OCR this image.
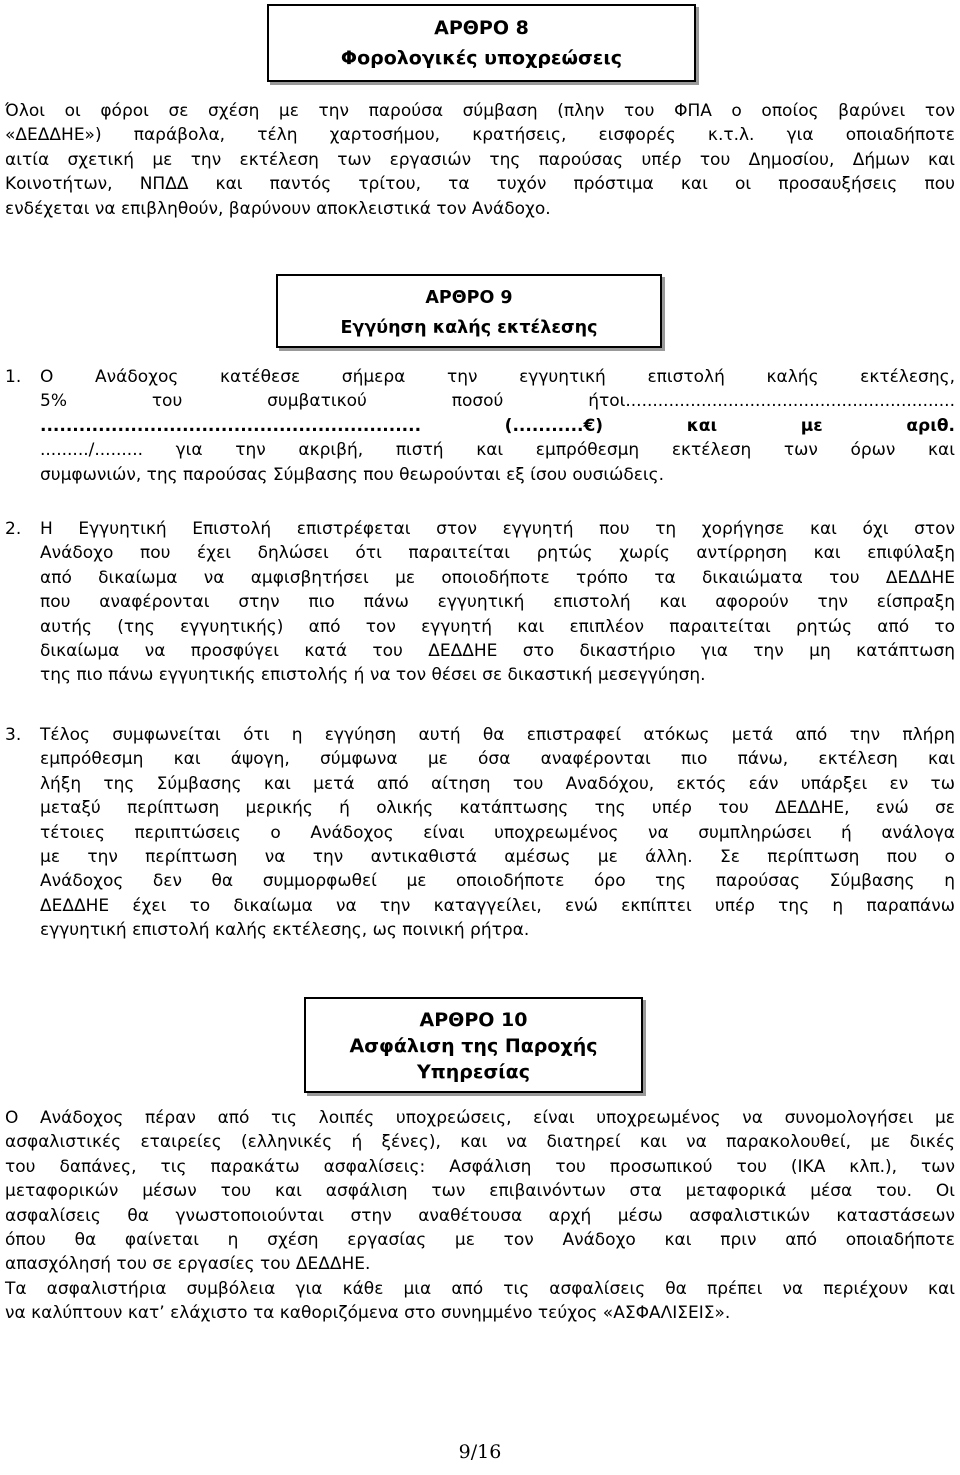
ΑΡΘΡΟ 8
Φορολογικές υποχρεώσεις
Όλοι οι φόροι σε σχέση με την παρούσα σύμβαση (πλην του ΦΠΑ ο οποίος βαρύνει τον
«ΔΕΔΔΗΕ») παράβολα, τέλη χαρτοσήμου, κρατήσεις, εισφορές κ.τ.λ. για οποιαδήποτε
αιτία σχετική με την εκτέλεση των εργασιών της παρούσας υπέρ του Δημοσίου, Δήμων και
Κοινοτήτων, ΝΠΔΔ και παντός τρίτου, τα τυχόν πρόστιμα και οι προσαυξήσεις που
ενδέχεται να επιβληθούν, βαρύνουν αποκλειστικά τον Ανάδοχο.
ΑΡΘΡΟ 9
Εγγύηση καλής εκτέλεσης
1. Ο Ανάδοχος κατέθεσε σήμερα την εγγυητική επιστολή καλής εκτέλεσης,
5% του συμβατικού ποσού ήτοι.............................................................
........................................................... (...........€) και με αριθ.
........./......... για την ακριβή, πιστή και εμπρόθεσμη εκτέλεση των όρων και
συμφωνιών, της παρούσας Σύμβασης που θεωρούνται εξ ίσου ουσιώδεις.
2. Η Εγγυητική Επιστολή επιστρέφεται στον εγγυητή που τη χορήγησε και όχι στον
Ανάδοχο που έχει δηλώσει ότι παραιτείται ρητώς χωρίς αντίρρηση και επιφύλαξη
από δικαίωμα να αμφισβητήσει με οποιοδήποτε τρόπο τα δικαιώματα του ΔΕΔΔΗΕ
που αναφέρονται στην πιο πάνω εγγυητική επιστολή και αφορούν την είσπραξη
αυτής (της εγγυητικής) από τον εγγυητή και επιπλέον παραιτείται ρητώς από το
δικαίωμα να προσφύγει κατά του ΔΕΔΔΗΕ στο δικαστήριο για την μη κατάπτωση
της πιο πάνω εγγυητικής επιστολής ή να τον θέσει σε δικαστική μεσεγγύηση.
3. Τέλος συμφωνείται ότι η εγγύηση αυτή θα επιστραφεί ατόκως μετά από την πλήρη
εμπρόθεσμη και άψογη, σύμφωνα με όσα αναφέρονται πιο πάνω, εκτέλεση και
λήξη της Σύμβασης και μετά από αίτηση του Αναδόχου, εκτός εάν υπάρξει εν τω
μεταξύ περίπτωση μερικής ή ολικής κατάπτωσης της υπέρ του ΔΕΔΔΗΕ, ενώ σε
τέτοιες περιπτώσεις ο Ανάδοχος είναι υποχρεωμένος να συμπληρώσει ή ανάλογα
με την περίπτωση να την αντικαθιστά αμέσως με άλλη. Σε περίπτωση που ο
Ανάδοχος δεν θα συμμορφωθεί με οποιοδήποτε όρο της παρούσας Σύμβασης η
ΔΕΔΔΗΕ έχει το δικαίωμα να την καταγγείλει, ενώ εκπίπτει υπέρ της η παραπάνω
εγγυητική επιστολή καλής εκτέλεσης, ως ποινική ρήτρα.
ΑΡΘΡΟ 10
Ασφάλιση της Παροχής
Υπηρεσίας
Ο Ανάδοχος πέραν από τις λοιπές υποχρεώσεις, είναι υποχρεωμένος να συνομολογήσει με
ασφαλιστικές εταιρείες (ελληνικές ή ξένες), και να διατηρεί και να παρακολουθεί, με δικές
του δαπάνες, τις παρακάτω ασφαλίσεις: Ασφάλιση του προσωπικού του (ΙΚΑ κλπ.), των
μεταφορικών μέσων του και ασφάλιση των επιβαινόντων στα μεταφορικά μέσα του. Οι
ασφαλίσεις θα γνωστοποιούνται στην αναθέτουσα αρχή μέσω ασφαλιστικών καταστάσεων
όπου θα φαίνεται η σχέση εργασίας με τον Ανάδοχο και πριν από οποιαδήποτε
απασχόλησή του σε εργασίες του ΔΕΔΔΗΕ.
Τα ασφαλιστήρια συμβόλεια για κάθε μια από τις ασφαλίσεις θα πρέπει να περιέχουν και
να καλύπτουν κατ’ ελάχιστο τα καθοριζόμενα στο συνημμένο τεύχος «ΑΣΦΑΛΙΣΕΙΣ».
9/16
